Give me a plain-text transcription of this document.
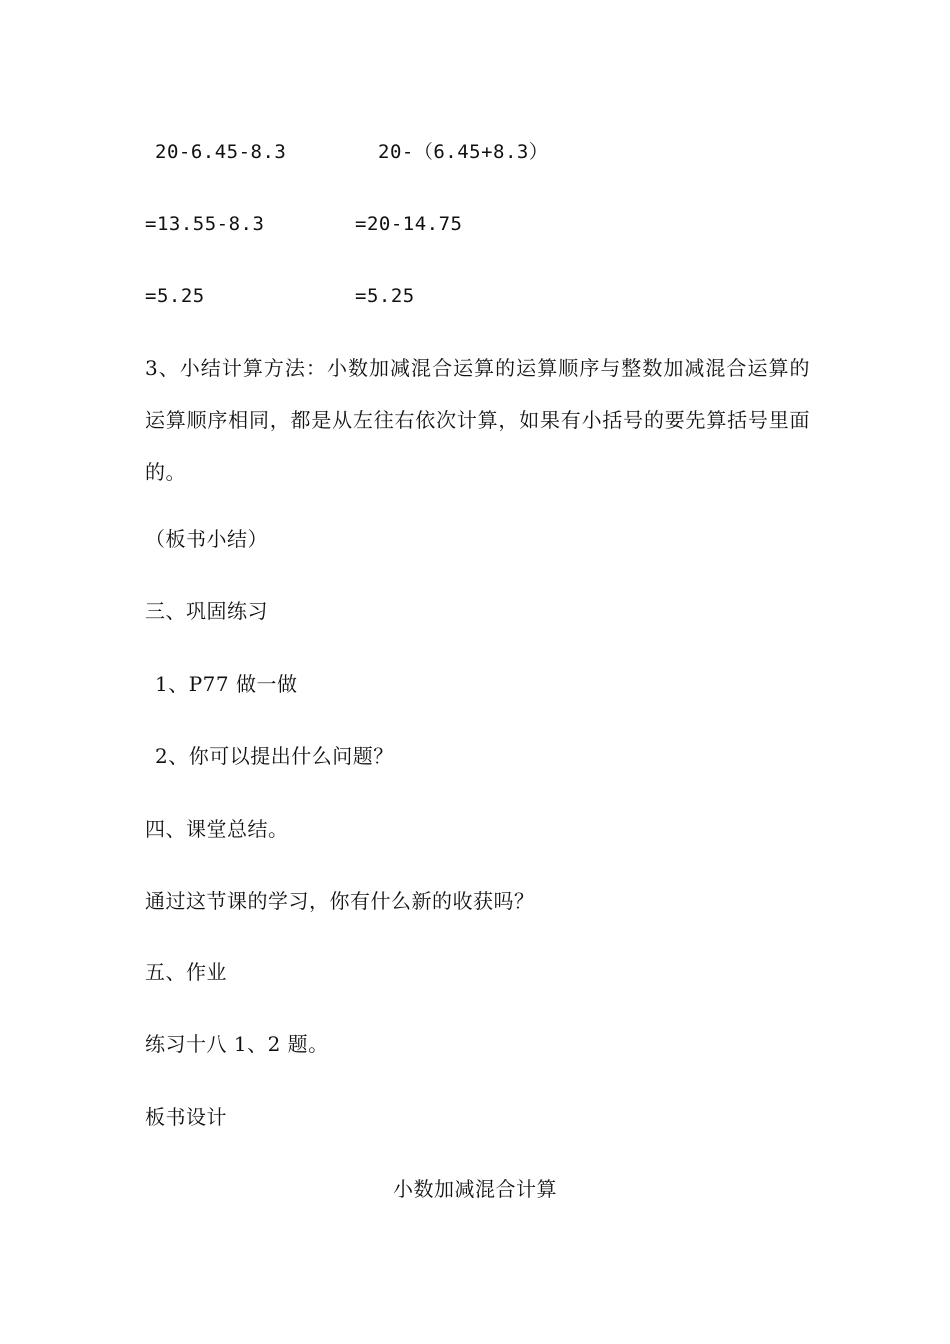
20-6.45-8.3	20-（6.45+8.3）
=13.55-8.3	=20-14.75
=5.25	=5.25
3、小结计算方法：小数加减混合运算的运算顺序与整数加减混合运算的运算顺序相同，都是从左往右依次计算，如果有小括号的要先算括号里面的。
（板书小结）
三、巩固练习
1、P77 做一做
2、你可以提出什么问题？
四、课堂总结。
通过这节课的学习，你有什么新的收获吗？
五、作业
练习十八 1、2 题。
板书设计
小数加减混合计算
